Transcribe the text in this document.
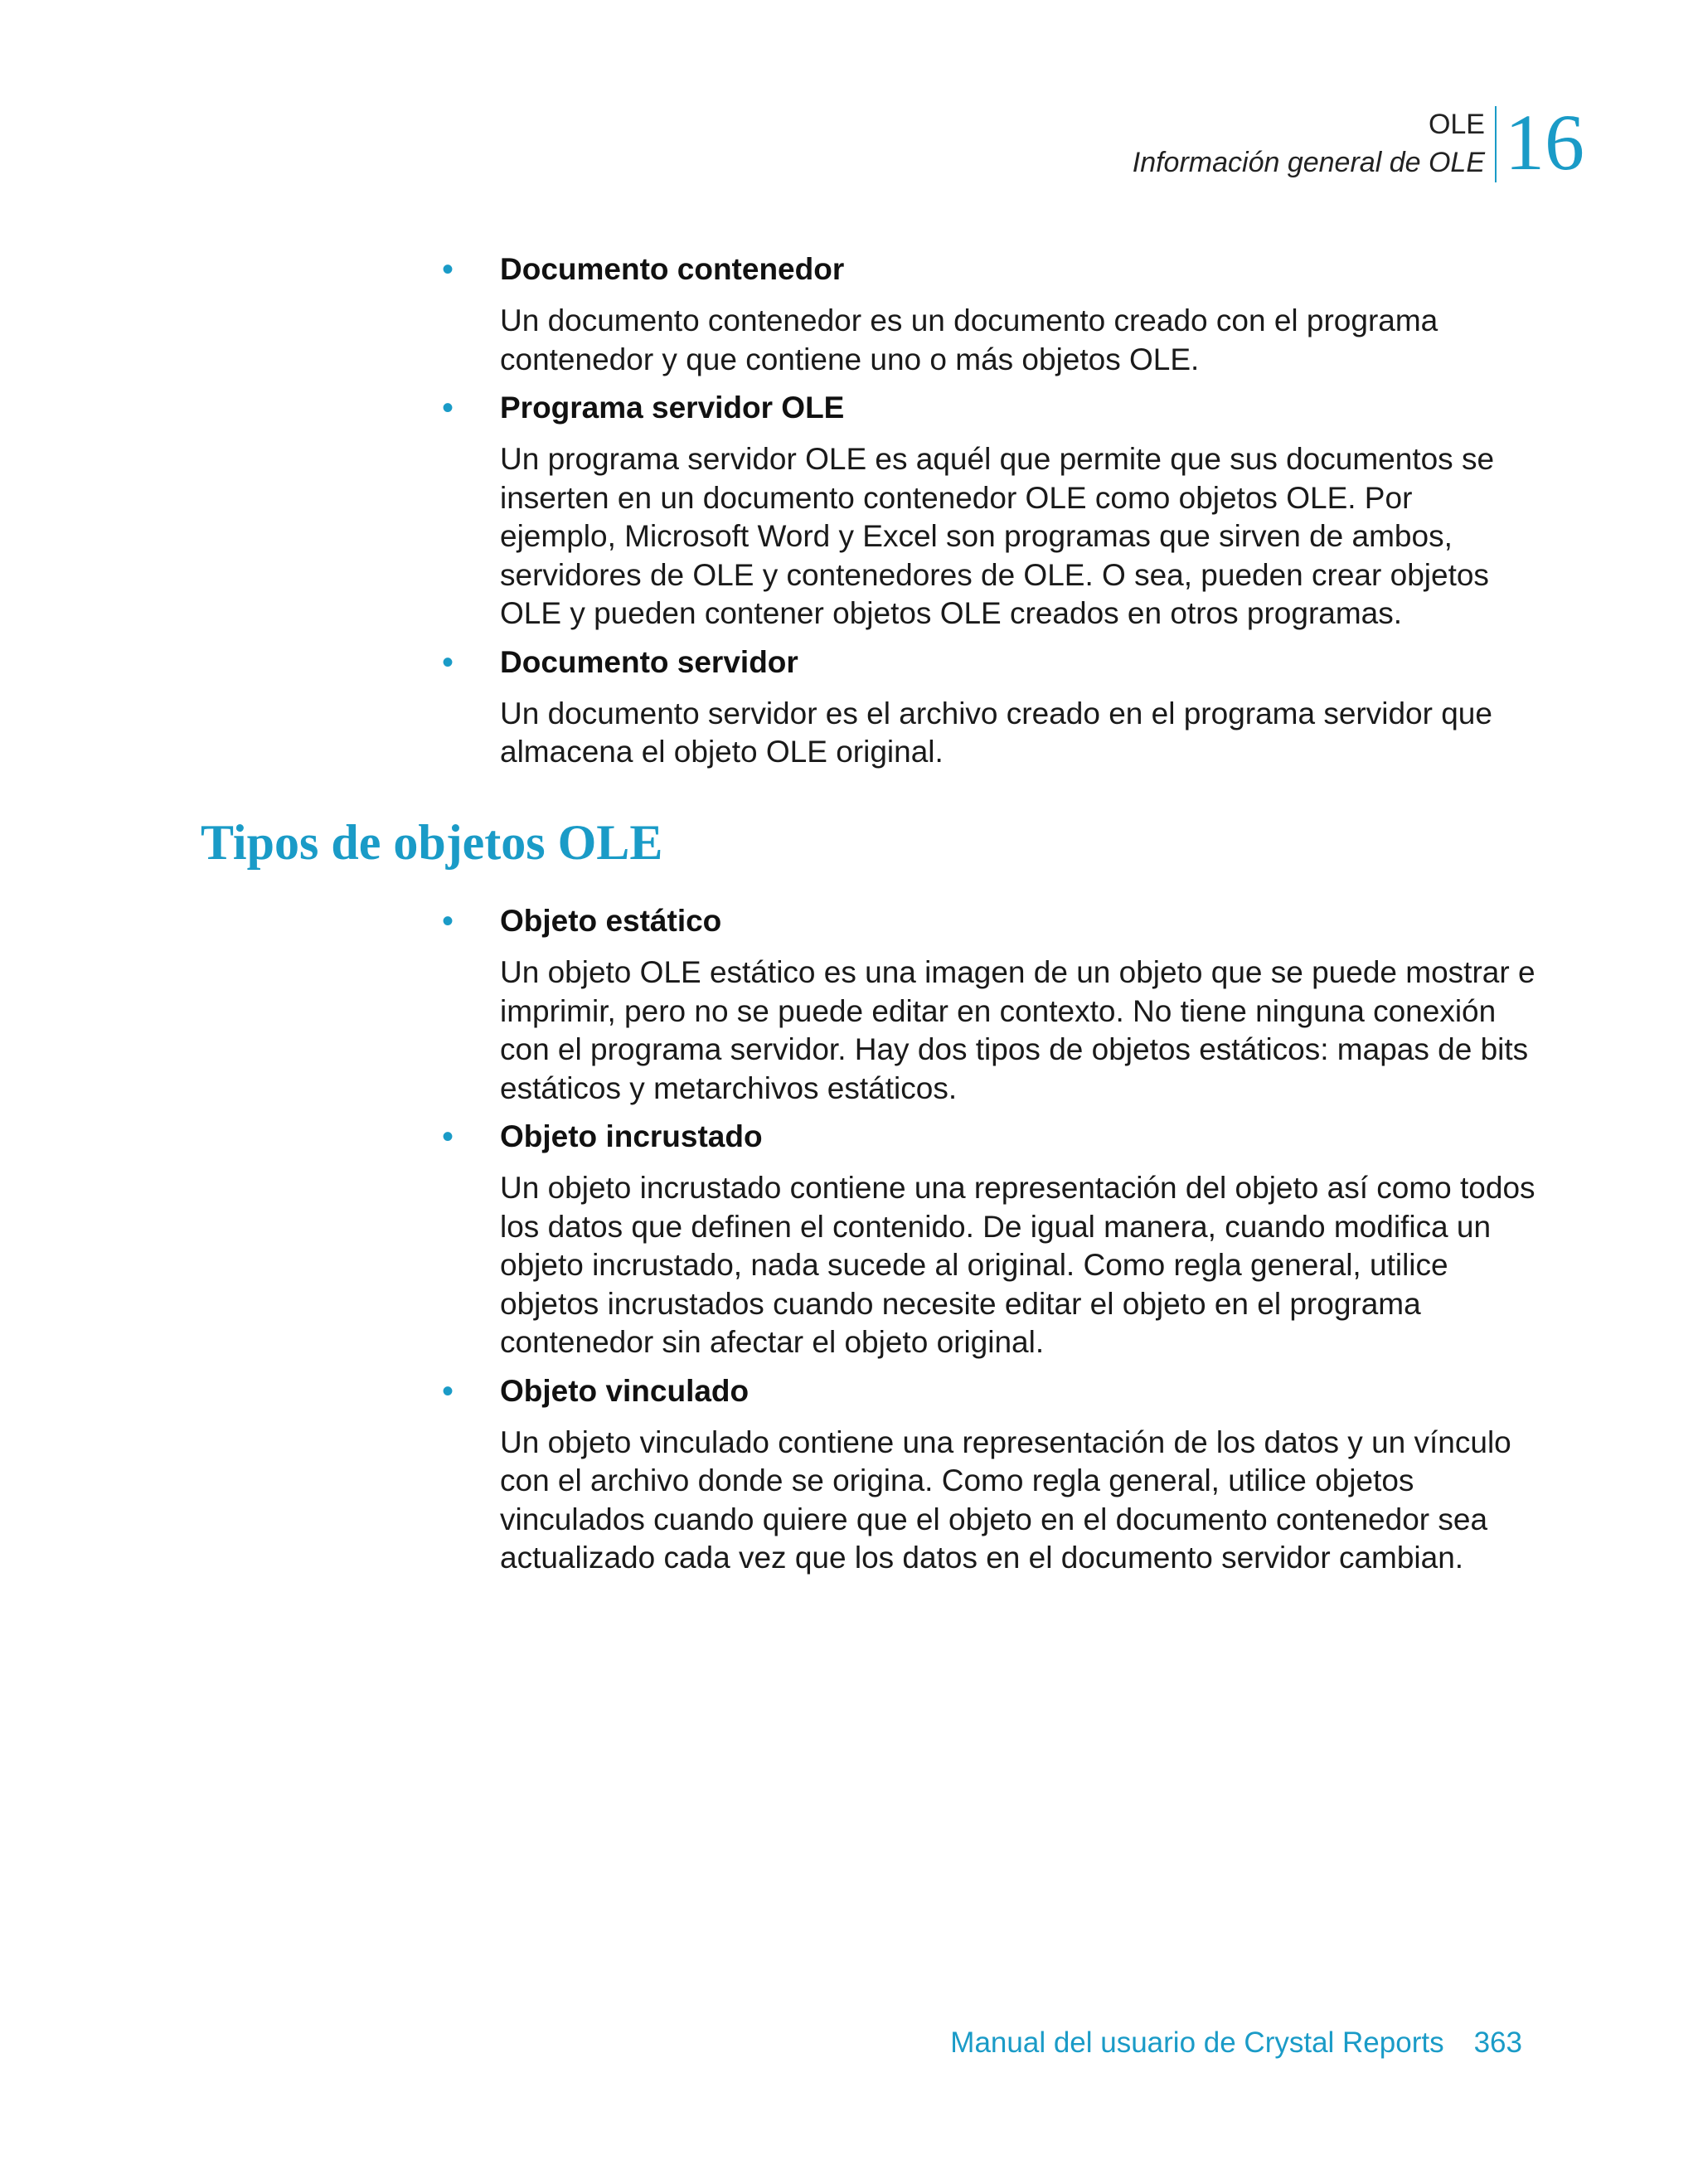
OLE
Información general de OLE 16
• Documento contenedor

Un documento contenedor es un documento creado con el programa contenedor y que contiene uno o más objetos OLE.

• Programa servidor OLE

Un programa servidor OLE es aquél que permite que sus documentos se inserten en un documento contenedor OLE como objetos OLE. Por ejemplo, Microsoft Word y Excel son programas que sirven de ambos, servidores de OLE y contenedores de OLE. O sea, pueden crear objetos OLE y pueden contener objetos OLE creados en otros programas.

• Documento servidor

Un documento servidor es el archivo creado en el programa servidor que almacena el objeto OLE original.

Tipos de objetos OLE
• Objeto estático

Un objeto OLE estático es una imagen de un objeto que se puede mostrar e imprimir, pero no se puede editar en contexto. No tiene ninguna conexión con el programa servidor. Hay dos tipos de objetos estáticos: mapas de bits estáticos y metarchivos estáticos.

• Objeto incrustado

Un objeto incrustado contiene una representación del objeto así como todos los datos que definen el contenido. De igual manera, cuando modifica un objeto incrustado, nada sucede al original. Como regla general, utilice objetos incrustados cuando necesite editar el objeto en el programa contenedor sin afectar el objeto original.

• Objeto vinculado

Un objeto vinculado contiene una representación de los datos y un vínculo con el archivo donde se origina. Como regla general, utilice objetos vinculados cuando quiere que el objeto en el documento contenedor sea actualizado cada vez que los datos en el documento servidor cambian.

Manual del usuario de Crystal Reports 363
